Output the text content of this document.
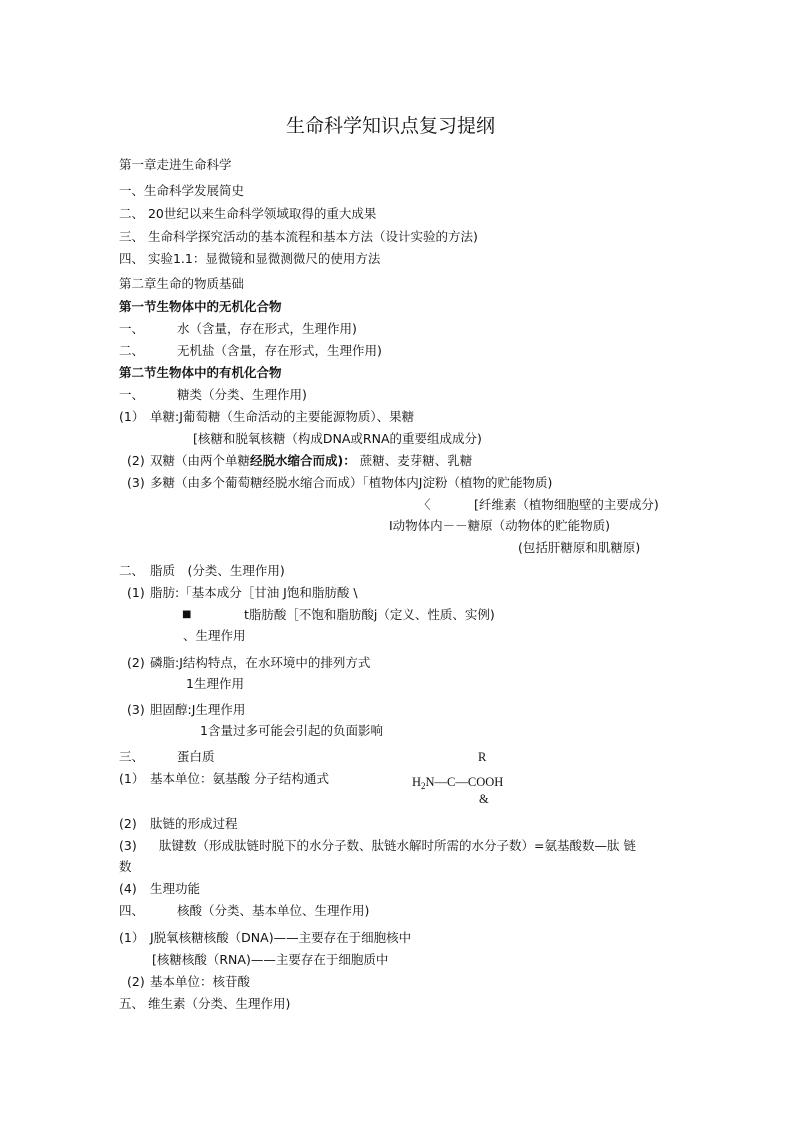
生命科学知识点复习提纲
第一章走进生命科学
一、生命科学发展简史
二、 20世纪以来生命科学领域取得的重大成果
三、 生命科学探究活动的基本流程和基本方法（设计实验的方法)
四、 实验1.1：显微镜和显微测微尺的使用方法
第二章生命的物质基础
第一节生物体中的无机化合物
一、	水（含量，存在形式，生理作用)
二、	无机盐（含量，存在形式，生理作用)
第二节生物体中的有机化合物
一、	糖类（分类、生理作用)
(1） 单糖:J葡萄糖（生命活动的主要能源物质）、果糖
[核糖和脱氧核糖（构成DNA或RNA的重要组成成分)
(2) 双糖（由两个单糖经脱水缩合而成)： 蔗糖、麦芽糖、乳糖
(3) 多糖（由多个葡萄糖经脱水缩合而成）「植物体内J淀粉（植物的贮能物质)
〈	[纤维素（植物细胞壁的主要成分)
I动物体内－－糖原（动物体的贮能物质)
(包括肝糖原和肌糖原)
二、 脂质　(分类、生理作用)
(1) 脂肪:「基本成分［甘油 J饱和脂肪酸 \
■	t脂肪酸［不饱和脂肪酸j（定义、性质、实例)
、生理作用
(2) 磷脂:J结构特点，在水环境中的排列方式
1生理作用
(3) 胆固醇:J生理作用
1含量过多可能会引起的负面影响
三、	蛋白质	R
(1） 基本单位：氨基酸 分子结构通式	$H_2N—C—COOH$
&
(2) 肽链的形成过程
(3) 肽键数（形成肽链时脱下的水分子数、肽链水解时所需的水分子数）=氨基酸数—肽 链
数
(4) 生理功能
四、	核酸（分类、基本单位、生理作用)
(1） J脱氧核糖核酸（DNA)——主要存在于细胞核中
[核糖核酸（RNA)——主要存在于细胞质中
(2) 基本单位：核苷酸
五、 维生素（分类、生理作用)
